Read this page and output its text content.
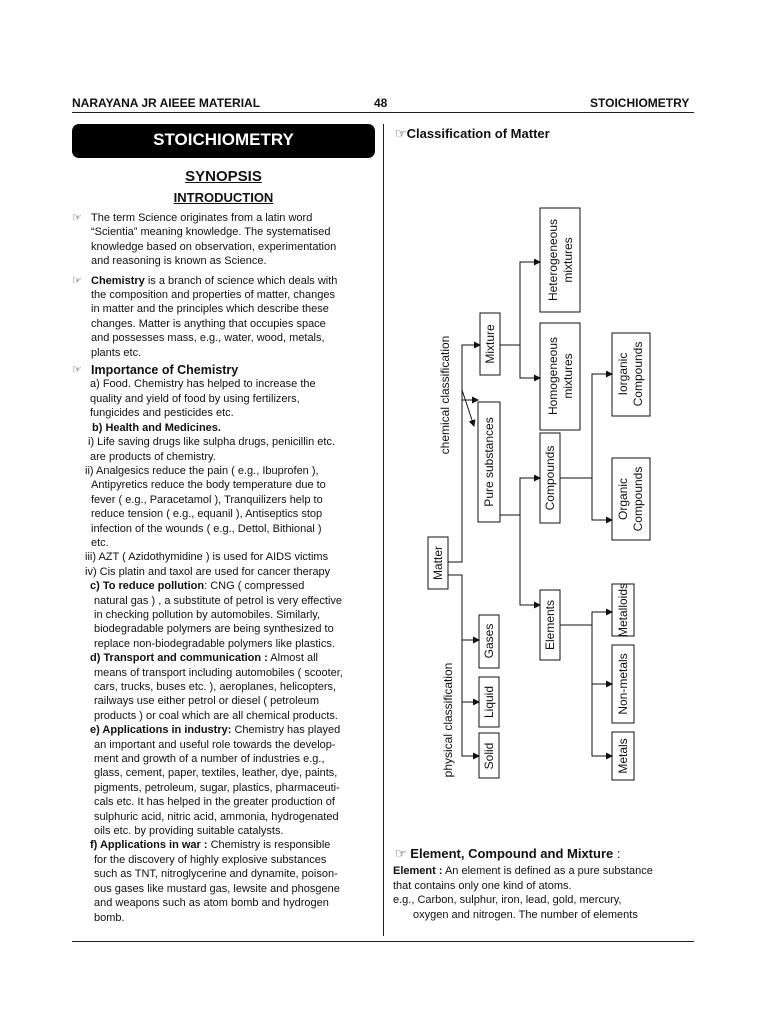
NARAYANA JR AIEEE MATERIAL	48	STOICHIOMETRY
STOICHIOMETRY
SYNOPSIS
INTRODUCTION
☞ The term Science originates from a latin word

“Scientia” meaning knowledge. The systematised

knowledge based on observation, experimentation

and reasoning is known as Science.

☞ Chemistry is a branch of science which deals with

the composition and properties of matter, changes

in matter and the principles which describe these

changes. Matter is anything that occupies space

and possesses mass, e.g., water, wood, metals,

plants etc.

☞ Importance of Chemistry

a) Food. Chemistry has helped to increase the

quality and yield of food by using fertilizers,

fungicides and pesticides etc.

b) Health and Medicines.

i) Life saving drugs like sulpha drugs, penicillin etc.

are products of chemistry.

ii) Analgesics reduce the pain ( e.g., Ibuprofen ),

Antipyretics reduce the body temperature due to

fever ( e.g., Paracetamol ), Tranquilizers help to

reduce tension ( e.g., equanil ), Antiseptics stop

infection of the wounds ( e.g., Dettol, Bithional )

etc.

iii) AZT ( Azidothymidine ) is used for AIDS victims

iv) Cis platin and taxol are used for cancer therapy

c) To reduce pollution: CNG ( compressed

natural gas ) , a substitute of petrol is very effective

in checking pollution by automobiles. Similarly,

biodegradable polymers are being synthesized to

replace non-biodegradable polymers like plastics.

d) Transport and communication : Almost all

means of transport including automobiles ( scooter,

cars, trucks, buses etc. ), aeroplanes, helicopters,

railways use either petrol or diesel ( petroleum

products ) or coal which are all chemical products.

e) Applications in industry: Chemistry has played

an important and useful role towards the develop-

ment and growth of a number of industries e.g.,

glass, cement, paper, textiles, leather, dye, paints,

pigments, petroleum, sugar, plastics, pharmaceuti-

cals etc. It has helped in the greater production of

sulphuric acid, nitric acid, ammonia, hydrogenated

oils etc. by providing suitable catalysts.

f) Applications in war : Chemistry is responsible

for the discovery of highly explosive substances

such as TNT, nitroglycerine and dynamite, poison-

ous gases like mustard gas, lewsite and phosgene

and weapons such as atom bomb and hydrogen

bomb.

☞Classification of Matter
Matter
chemical classification
physical classification
Mixture
Pure substances
Solid
Liquid
Gases
Heterogeneous mixtures
Homogeneous mixtures
Compounds
Elements
Iorganic Compounds
Organic Compounds
Metalloids
Non-metals
Metals
☞ Element, Compound and Mixture :

Element : An element is defined as a pure substance

that contains only one kind of atoms.

e.g., Carbon, sulphur, iron, lead, gold, mercury,

oxygen and nitrogen. The number of elements
